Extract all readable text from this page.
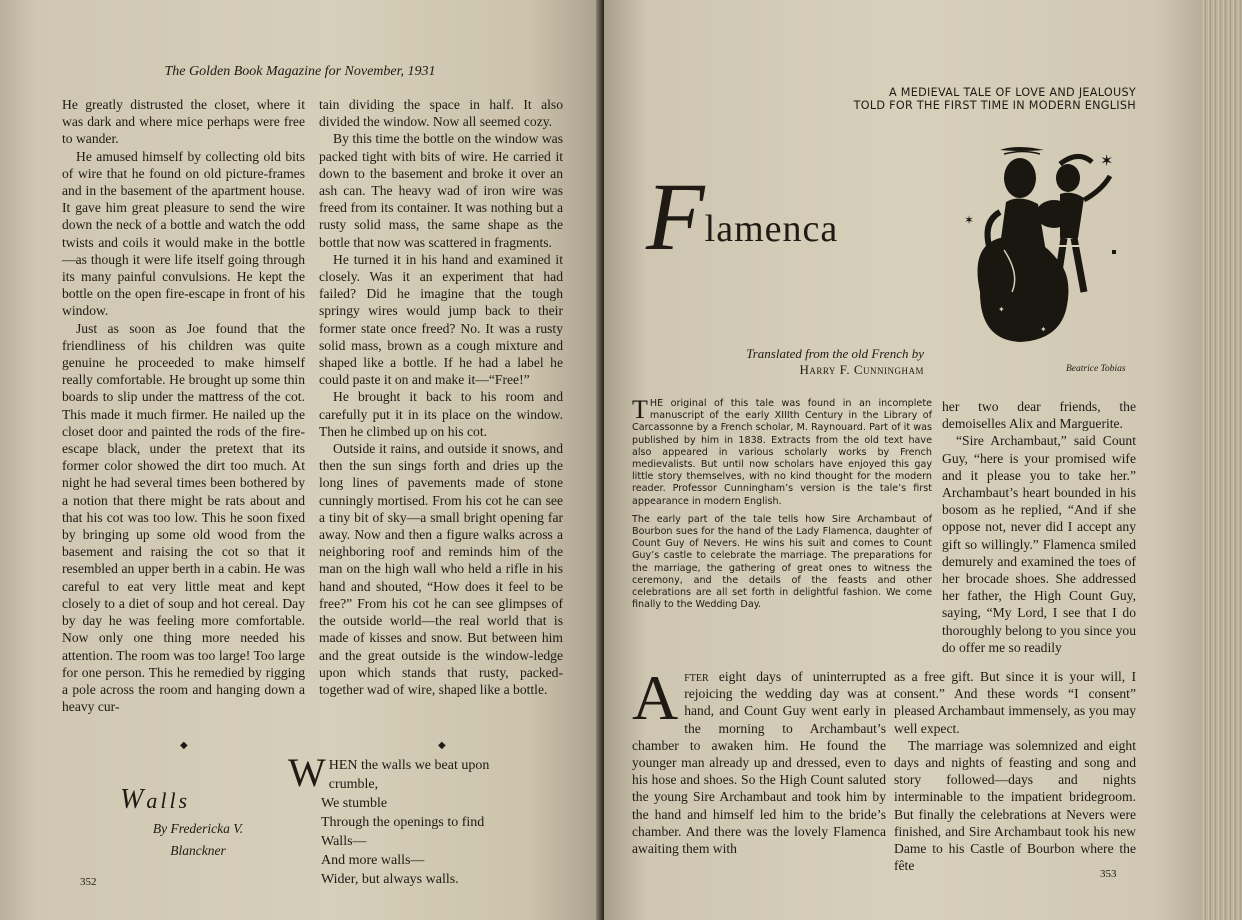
The Golden Book Magazine for November, 1931

He greatly distrusted the closet, where it was dark and where mice perhaps were free to wander.

He amused himself by collecting old bits of wire that he found on old picture-frames and in the basement of the apartment house. It gave him great pleasure to send the wire down the neck of a bottle and watch the odd twists and coils it would make in the bottle—as though it were life itself going through its many painful convulsions. He kept the bottle on the open fire-escape in front of his window.

Just as soon as Joe found that the friendliness of his children was quite genuine he proceeded to make himself really comfortable. He brought up some thin boards to slip under the mattress of the cot. This made it much firmer. He nailed up the closet door and painted the rods of the fire-escape black, under the pretext that its former color showed the dirt too much. At night he had several times been bothered by a notion that there might be rats about and that his cot was too low. This he soon fixed by bringing up some old wood from the basement and raising the cot so that it resembled an upper berth in a cabin. He was careful to eat very little meat and kept closely to a diet of soup and hot cereal. Day by day he was feeling more comfortable. Now only one thing more needed his attention. The room was too large! Too large for one person. This he remedied by rigging a pole across the room and hanging down a heavy cur-

tain dividing the space in half. It also divided the window. Now all seemed cozy.

By this time the bottle on the window was packed tight with bits of wire. He carried it down to the basement and broke it over an ash can. The heavy wad of iron wire was freed from its container. It was nothing but a rusty solid mass, the same shape as the bottle that now was scattered in fragments.

He turned it in his hand and examined it closely. Was it an experiment that had failed? Did he imagine that the tough springy wires would jump back to their former state once freed? No. It was a rusty solid mass, brown as a cough mixture and shaped like a bottle. If he had a label he could paste it on and make it—“Free!”

He brought it back to his room and carefully put it in its place on the window. Then he climbed up on his cot.

Outside it rains, and outside it snows, and then the sun sings forth and dries up the long lines of pavements made of stone cunningly mortised. From his cot he can see a tiny bit of sky—a small bright opening far away. Now and then a figure walks across a neighboring roof and reminds him of the man on the high wall who held a rifle in his hand and shouted, “How does it feel to be free?” From his cot he can see glimpses of the outside world—the real world that is made of kisses and snow. But between him and the great outside is the window-ledge upon which stands that rusty, packed-together wad of wire, shaped like a bottle.

◆	◆
Walls
By Fredericka V.
Blanckner
W HEN the walls we beat upon
crumble,
We stumble
Through the openings to find
Walls—
And more walls—
Wider, but always walls.
352
A MEDIEVAL TALE OF LOVE AND JEALOUSY
TOLD FOR THE FIRST TIME IN MODERN ENGLISH
Flamenca
✶
✶
✦
✦
✦
Beatrice Tobias
Translated from the old French by
Harry F. Cunningham

THE original of this tale was found in an incomplete manuscript of the early XIIIth Century in the Library of Carcassonne by a French scholar, M. Raynouard. Part of it was published by him in 1838. Extracts from the old text have also appeared in various scholarly works by French medievalists. But until now scholars have enjoyed this gay little story themselves, with no kind thought for the modern reader. Professor Cunningham’s version is the tale’s first appearance in modern English.

The early part of the tale tells how Sire Archambaut of Bourbon sues for the hand of the Lady Flamenca, daughter of Count Guy of Nevers. He wins his suit and comes to Count Guy’s castle to celebrate the marriage. The preparations for the marriage, the gathering of great ones to witness the ceremony, and the details of the feasts and other celebrations are all set forth in delightful fashion. We come finally to the Wedding Day.

After eight days of uninterrupted rejoicing the wedding day was at hand, and Count Guy went early in the morning to Archambaut’s chamber to awaken him. He found the younger man already up and dressed, even to his hose and shoes. So the High Count saluted the young Sire Archambaut and took him by the hand and himself led him to the bride’s chamber. And there was the lovely Flamenca awaiting them with

her two dear friends, the demoiselles Alix and Marguerite.

“Sire Archambaut,” said Count Guy, “here is your promised wife and it please you to take her.” Archambaut’s heart bounded in his bosom as he replied, “And if she oppose not, never did I accept any gift so willingly.” Flamenca smiled demurely and examined the toes of her brocade shoes. She addressed her father, the High Count Guy, saying, “My Lord, I see that I do thoroughly belong to you since you do offer me so readily

as a free gift. But since it is your will, I consent.” And these words “I consent” pleased Archambaut immensely, as you may well expect.

The marriage was solemnized and eight days and nights of feasting and song and story followed—days and nights interminable to the impatient bridegroom. But finally the celebrations at Nevers were finished, and Sire Archambaut took his new Dame to his Castle of Bourbon where the fête

353
